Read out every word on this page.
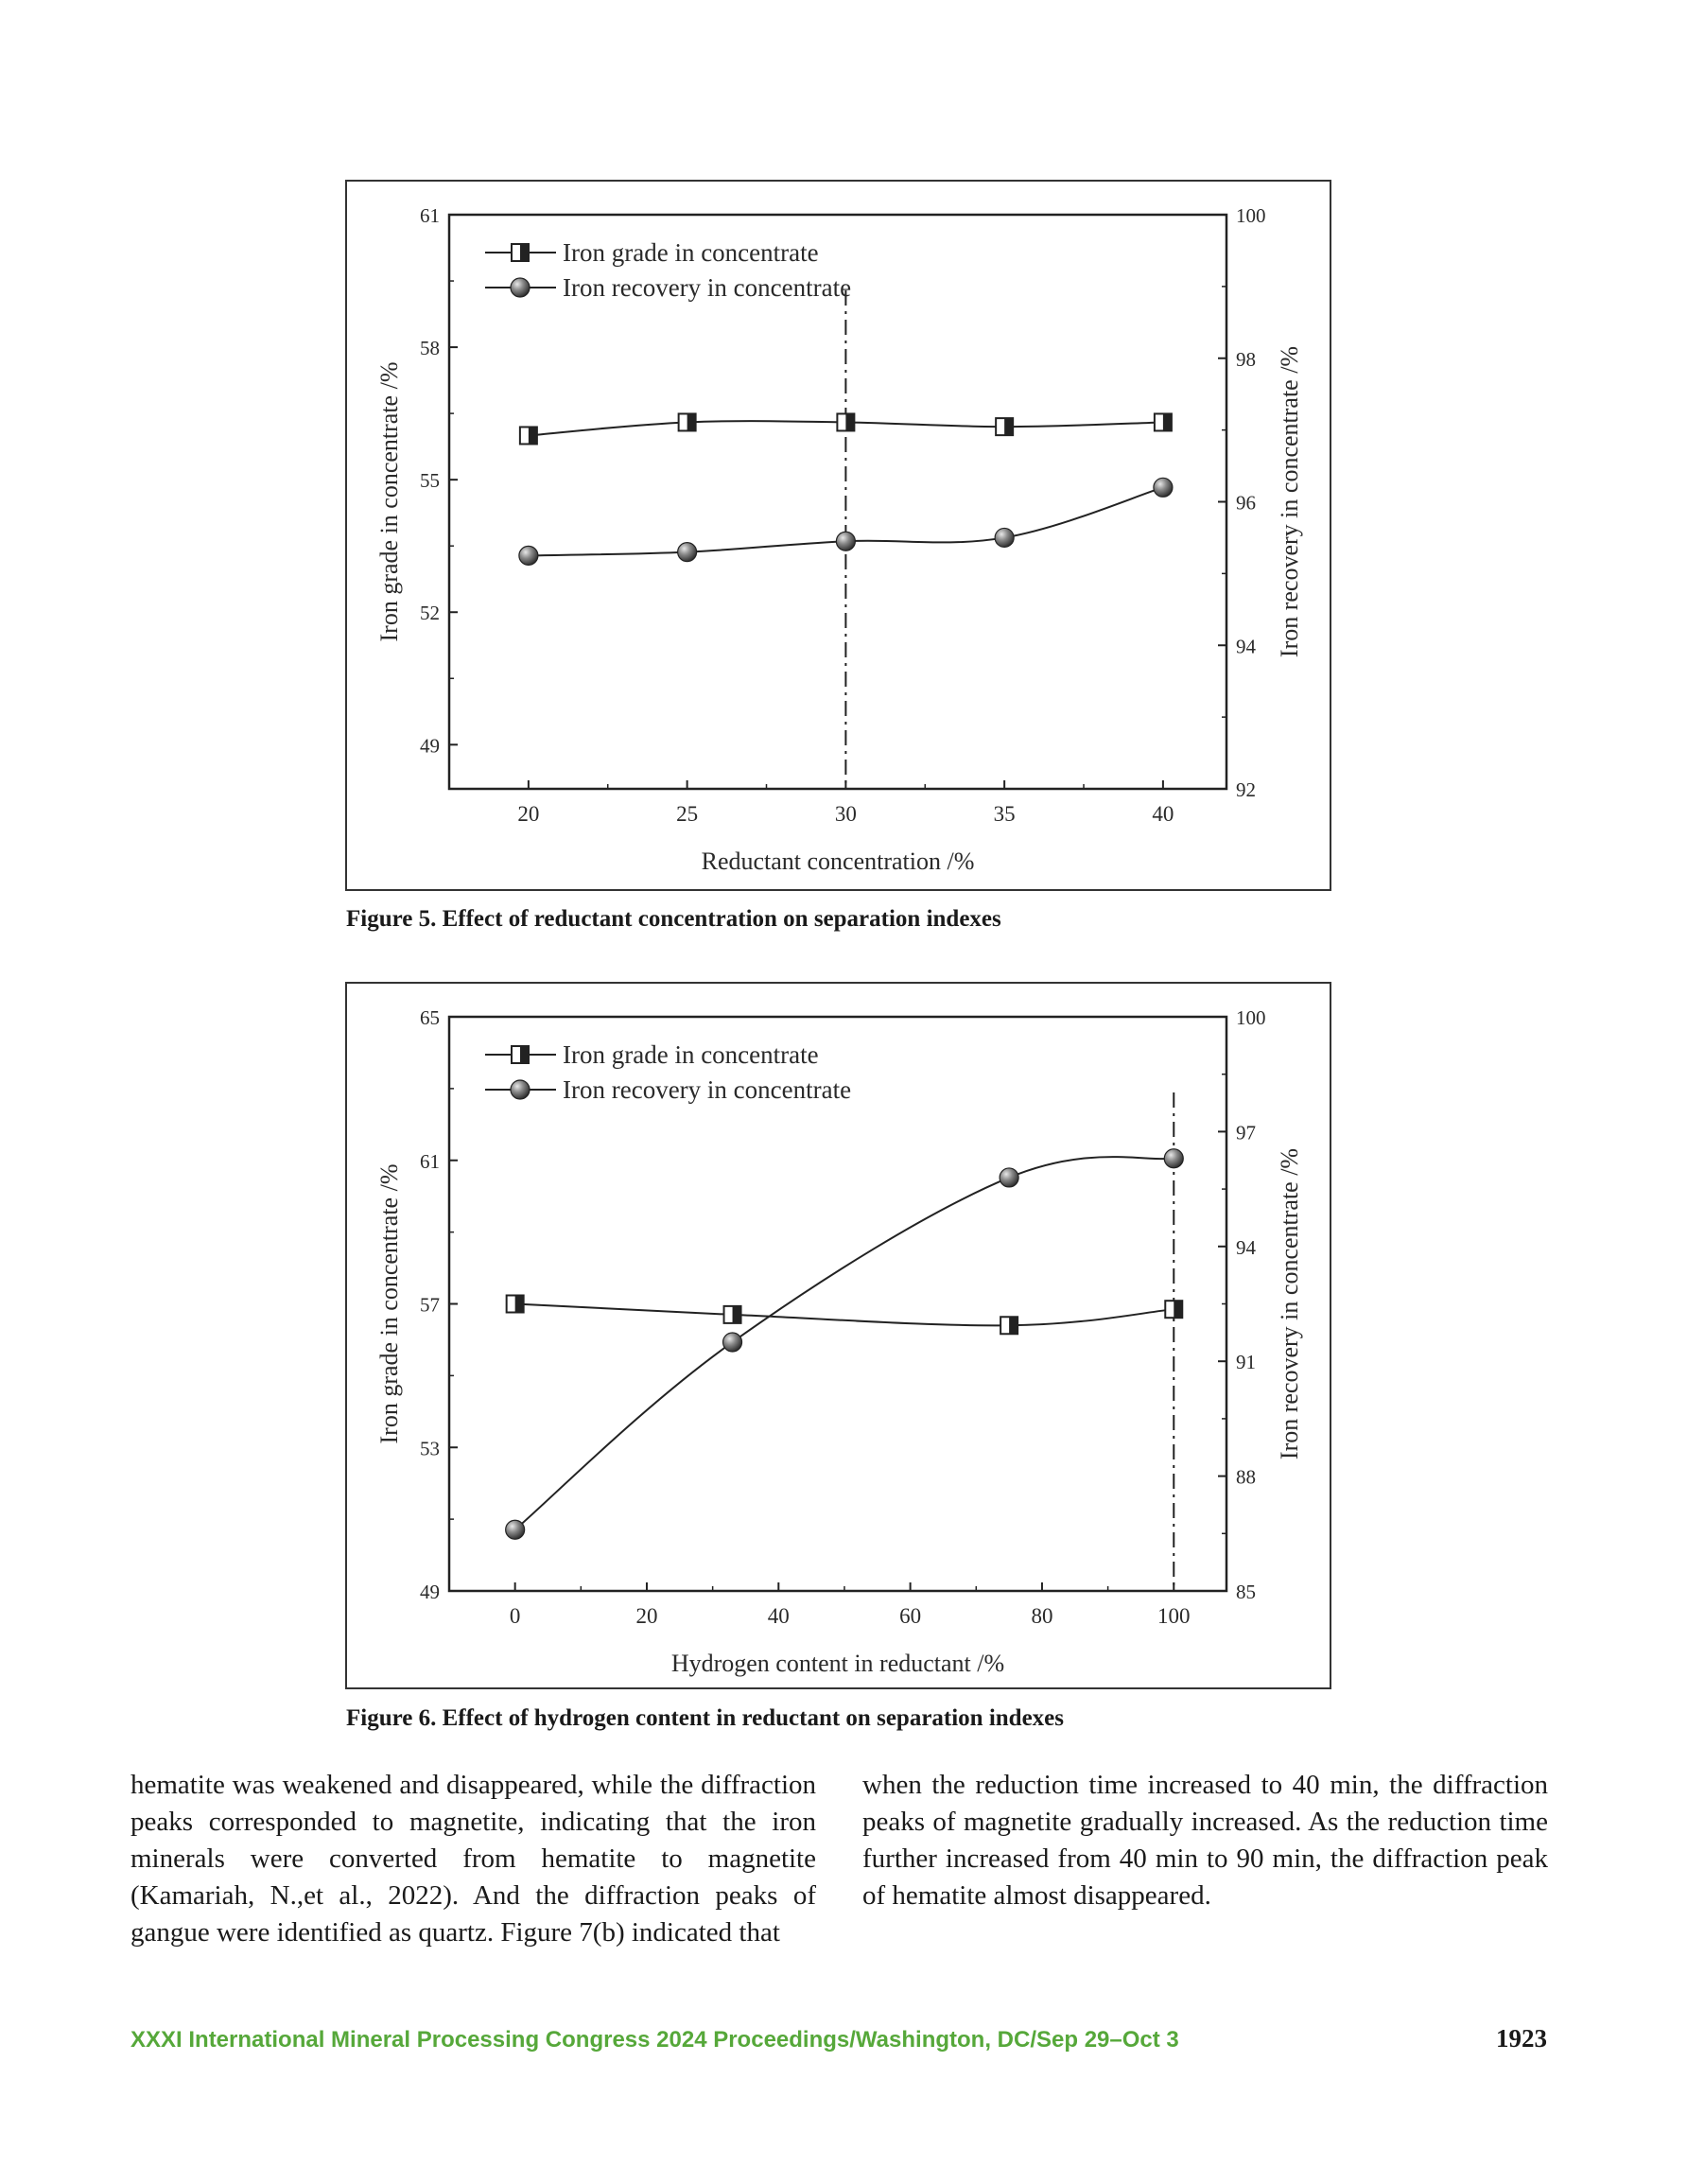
20	25	30	35	40
49
52
55
58
61
92
94
96
98
100
Reductant concentration /%
Iron grade in concentrate /%	Iron recovery in concentrate /%
Iron grade in concentrate
Iron recovery in concentrate
Figure 5. Effect of reductant concentration on separation indexes
0	20	40	60	80	100
49
53
57
61
65
85
88
91
94
97
100
Hydrogen content in reductant /%
Iron grade in concentrate /%	Iron recovery in concentrate /%
Iron grade in concentrate
Iron recovery in concentrate
Figure 6. Effect of hydrogen content in reductant on separation indexes
hematite was weakened and disappeared, while the diffraction peaks corresponded to magnetite, indicating that the iron minerals were converted from hematite to magnetite (Kamariah, N.,et al., 2022). And the diffraction peaks of gangue were identified as quartz. Figure 7(b) indicated that
when the reduction time increased to 40 min, the diffraction peaks of magnetite gradually increased. As the reduction time further increased from 40 min to 90 min, the diffraction peak of hematite almost disappeared.
XXXI International Mineral Processing Congress 2024 Proceedings/Washington, DC/Sep 29–Oct 3	1923
